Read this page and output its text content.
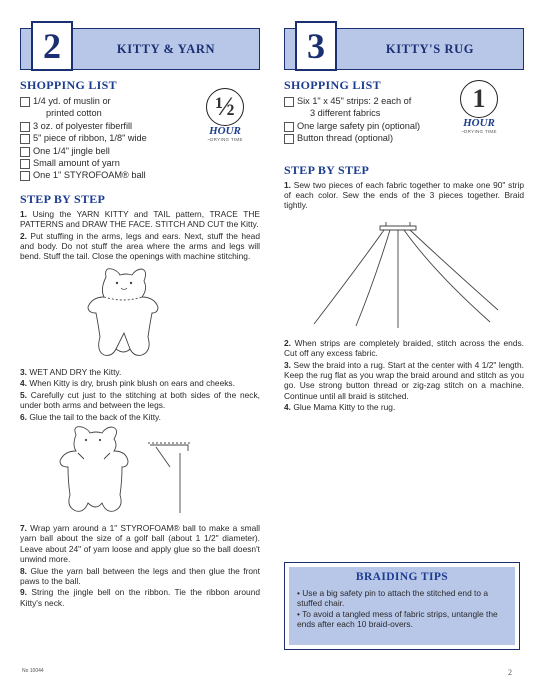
2	KITTY & YARN
SHOPPING LIST
1/4 yd. of muslin or
printed cotton
3 oz. of polyester fiberfill
5" piece of ribbon, 1/8" wide
One 1/4" jingle bell
Small amount of yarn
One 1" STYROFOAM® ball
½
HOUR
~DRYING TIME
STEP BY STEP

1. Using the YARN KITTY and TAIL pattern, TRACE THE PATTERNS and DRAW THE FACE. STITCH AND CUT the Kitty.

2. Put stuffing in the arms, legs and ears. Next, stuff the head and body. Do not stuff the area where the arms and legs will bend. Stuff the tail. Close the openings with machine stitching.

3. WET AND DRY the Kitty.

4. When Kitty is dry, brush pink blush on ears and cheeks.

5. Carefully cut just to the stitching at both sides of the neck, under both arms and between the legs.

6. Glue the tail to the back of the Kitty.

7. Wrap yarn around a 1" STYROFOAM® ball to make a small yarn ball about the size of a golf ball (about 1 1/2" diameter). Leave about 24" of yarn loose and apply glue so the ball doesn't unwind more.

8. Glue the yarn ball between the legs and then glue the front paws to the ball.

9. String the jingle bell on the ribbon. Tie the ribbon around Kitty's neck.

3	KITTY'S RUG
SHOPPING LIST
Six 1" x 45" strips: 2 each of
3 different fabrics
One large safety pin (optional)
Button thread (optional)
1
HOUR
~DRYING TIME
STEP BY STEP

1. Sew two pieces of each fabric together to make one 90" strip of each color. Sew the ends of the 3 pieces together. Braid tightly.

2. When strips are completely braided, stitch across the ends. Cut off any excess fabric.

3. Sew the braid into a rug. Start at the center with 4 1/2" length. Keep the rug flat as you wrap the braid around and stitch as you go. Use strong button thread or zig-zag stitch on a machine. Continue until all braid is stitched.

4. Glue Mama Kitty to the rug.

BRAIDING TIPS
• Use a big safety pin to attach the stitched end to a stuffed chair.
• To avoid a tangled mess of fabric strips, untangle the ends after each 10 braid-overs.
No 10044	2
